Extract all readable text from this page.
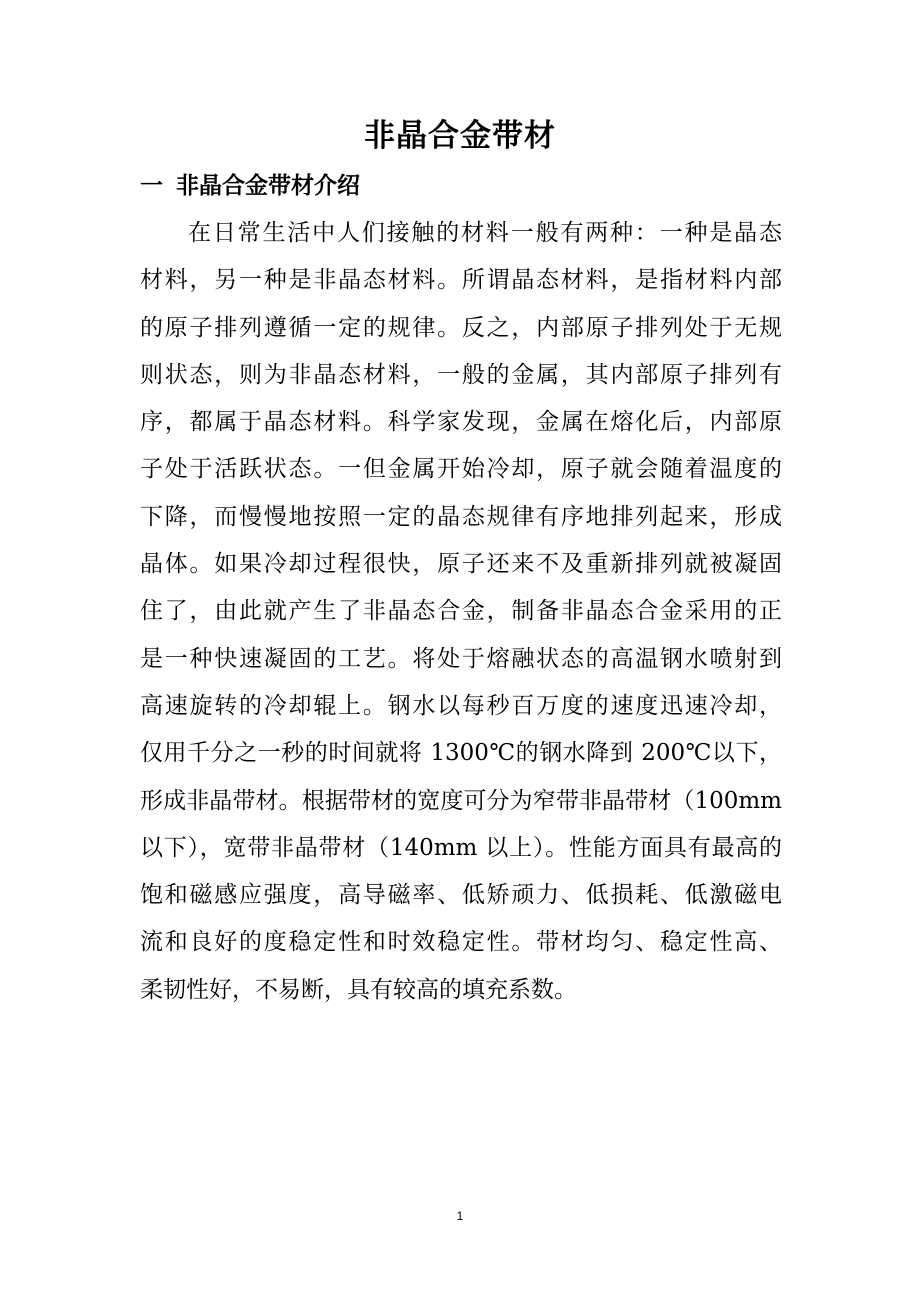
非晶合金带材
一 非晶合金带材介绍
在日常生活中人们接触的材料一般有两种：一种是晶态
材料，另一种是非晶态材料。所谓晶态材料，是指材料内部
的原子排列遵循一定的规律。反之，内部原子排列处于无规
则状态，则为非晶态材料，一般的金属，其内部原子排列有
序，都属于晶态材料。科学家发现，金属在熔化后，内部原
子处于活跃状态。一但金属开始冷却，原子就会随着温度的
下降，而慢慢地按照一定的晶态规律有序地排列起来，形成
晶体。如果冷却过程很快，原子还来不及重新排列就被凝固
住了，由此就产生了非晶态合金，制备非晶态合金采用的正
是一种快速凝固的工艺。将处于熔融状态的高温钢水喷射到
高速旋转的冷却辊上。钢水以每秒百万度的速度迅速冷却，
仅用千分之一秒的时间就将 1300℃的钢水降到 200℃以下，
形成非晶带材。根据带材的宽度可分为窄带非晶带材（100mm
以下），宽带非晶带材（140mm 以上）。性能方面具有最高的
饱和磁感应强度，高导磁率、低矫顽力、低损耗、低激磁电
流和良好的度稳定性和时效稳定性。带材均匀、稳定性高、
柔韧性好，不易断，具有较高的填充系数。
1
